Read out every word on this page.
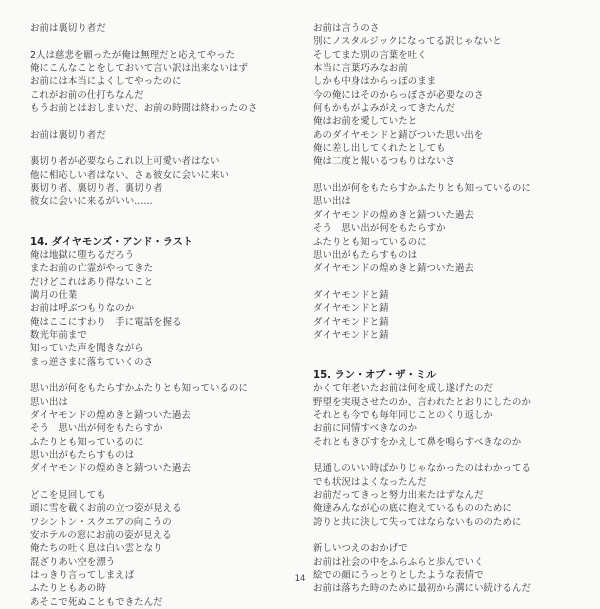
お前は裏切り者だ
2人は慈悲を願ったが俺は無理だと応えてやった
俺にこんなことをしておいて言い訳は出来ないはず
お前には本当によくしてやったのに
これがお前の仕打ちなんだ
もうお前とはおしまいだ、お前の時間は終わったのさ
お前は裏切り者だ
裏切り者が必要ならこれ以上可愛い者はない
他に相応しい者はない、さぁ彼女に会いに来い
裏切り者、裏切り者、裏切り者
彼女に会いに来るがいい......
14. ダイヤモンズ・アンド・ラスト
俺は地獄に堕ちるだろう
またお前の亡霊がやってきた
だけどこれはあり得ないこと
満月の仕業
お前は呼ぶつもりなのか
俺はここにすわり　手に電話を握る
数光年前まで
知っていた声を聞きながら
まっ逆さまに落ちていくのさ
思い出が何をもたらすかふたりとも知っているのに
思い出は
ダイヤモンドの煌めきと錆ついた過去
そう　思い出が何をもたらすか
ふたりとも知っているのに
思い出がもたらすものは
ダイヤモンドの煌めきと錆ついた過去
どこを見回しても
頭に雪を載くお前の立つ姿が見える
ワシントン・スクエアの向こうの
安ホテルの窓にお前の姿が見える
俺たちの吐く息は白い雲となり
混ざりあい空を漂う
はっきり言ってしまえば
ふたりともあの時
あそこで死ぬこともできたんだ
お前は言うのさ
別にノスタルジックになってる訳じゃないと
そしてまた別の言葉を吐く
本当に言葉巧みなお前
しかも中身はからっぽのまま
今の俺にはそのからっぽさが必要なのさ
何もかもがよみがえってきたんだ
俺はお前を愛していたと
あのダイヤモンドと錆びついた思い出を
俺に差し出してくれたとしても
俺は二度と報いるつもりはないさ
思い出が何をもたらすかふたりとも知っているのに
思い出は
ダイヤモンドの煌めきと錆ついた過去
そう　思い出が何をもたらすか
ふたりとも知っているのに
思い出がもたらすものは
ダイヤモンドの煌めきと錆ついた過去
ダイヤモンドと錆
ダイヤモンドと錆
ダイヤモンドと錆
ダイヤモンドと錆
15. ラン・オブ・ザ・ミル
かくて年老いたお前は何を成し遂げたのだ
野望を実現させたのか、言われたとおりにしたのか
それとも今でも毎年同じことのくり返しか
お前に同情すべきなのか
それともきびすをかえして鼻を鳴らすべきなのか
見通しのいい時ばかりじゃなかったのはわかってる
でも状況はよくなったんだ
お前だってきっと努力出来たはずなんだ
俺達みんなが心の底に抱えているもののために
誇りと共に決して失ってはならないもののために
新しいつえのおかげで
お前は社会の中をふらふらと歩んでいく
絵での顔にうっとりとしたような表情で
お前は落ちた時のために最初から溝にい続けるんだ
14
